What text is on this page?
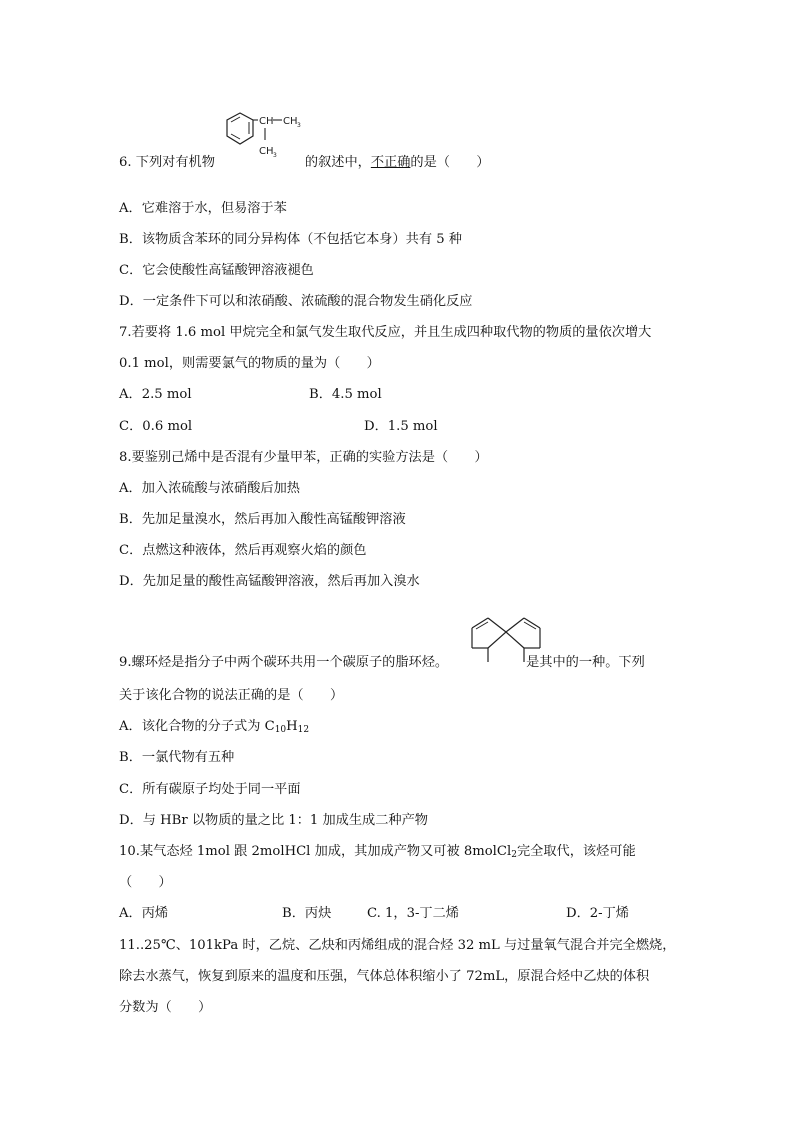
CH CH 3
CH 3
6. 下列对有机物	的叙述中，不正确的是（　　）
A．它难溶于水，但易溶于苯
B．该物质含苯环的同分异构体（不包括它本身）共有 5 种
C．它会使酸性高锰酸钾溶液褪色
D．一定条件下可以和浓硝酸、浓硫酸的混合物发生硝化反应
7.若要将 1.6 mol 甲烷完全和氯气发生取代反应，并且生成四种取代物的物质的量依次增大
0.1 mol，则需要氯气的物质的量为（　　）
A．2.5 mol	B．4.5 mol
C．0.6 mol	D．1.5 mol
8.要鉴别己烯中是否混有少量甲苯，正确的实验方法是（　　）
A．加入浓硫酸与浓硝酸后加热
B．先加足量溴水，然后再加入酸性高锰酸钾溶液
C．点燃这种液体，然后再观察火焰的颜色
D．先加足量的酸性高锰酸钾溶液，然后再加入溴水
9.螺环烃是指分子中两个碳环共用一个碳原子的脂环烃。	是其中的一种。下列
关于该化合物的说法正确的是（　　）
A．该化合物的分子式为 $C_{10}H_{12}$
B．一氯代物有五种
C．所有碳原子均处于同一平面
D．与 HBr 以物质的量之比 1：1 加成生成二种产物
10.某气态烃 1mol 跟 2molHCl 加成，其加成产物又可被 8molCl$_2$完全取代，该烃可能
（　　）
A．丙烯	B．丙炔	C. 1，3-丁二烯	D．2-丁烯
11..25℃、101kPa 时，乙烷、乙炔和丙烯组成的混合烃 32 mL 与过量氧气混合并完全燃烧，
除去水蒸气，恢复到原来的温度和压强，气体总体积缩小了 72mL，原混合烃中乙炔的体积
分数为（　　）
